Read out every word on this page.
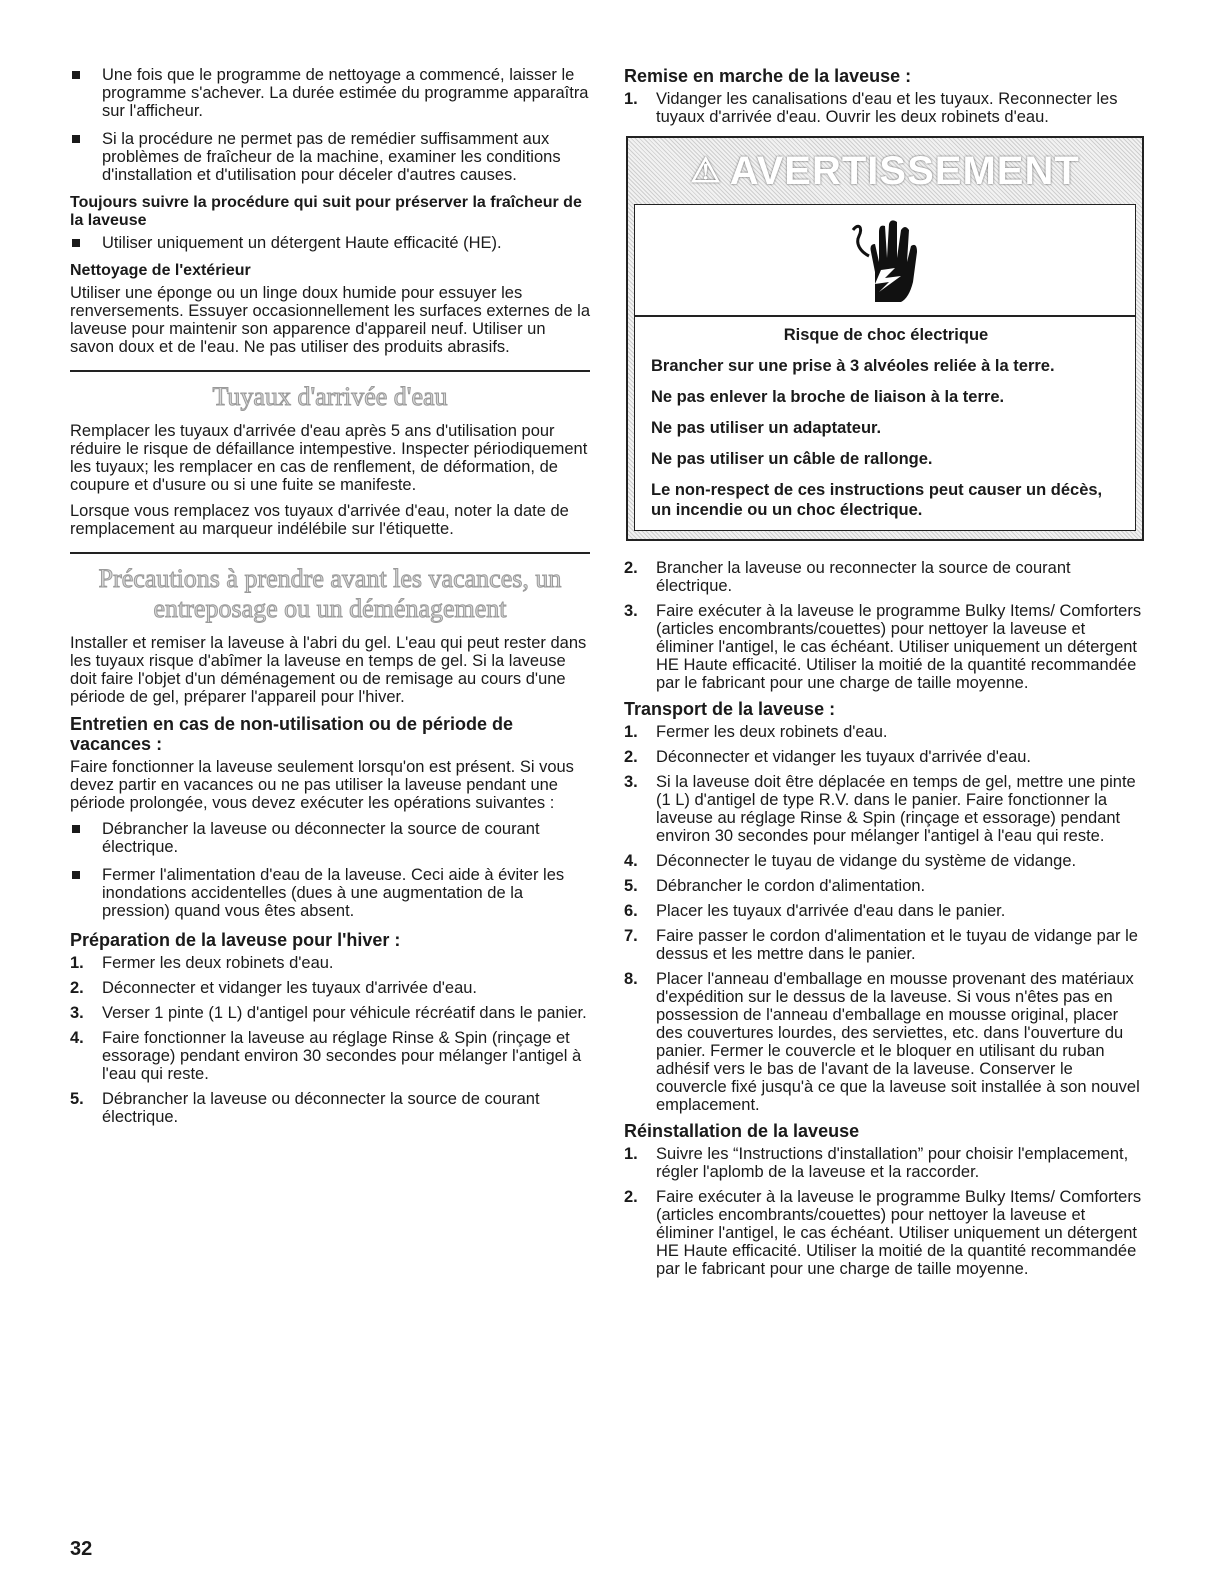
Une fois que le programme de nettoyage a commencé, laisser le programme s'achever. La durée estimée du programme apparaîtra sur l'afficheur.
Si la procédure ne permet pas de remédier suffisamment aux problèmes de fraîcheur de la machine, examiner les conditions d'installation et d'utilisation pour déceler d'autres causes.
Toujours suivre la procédure qui suit pour préserver la fraîcheur de la laveuse
Utiliser uniquement un détergent Haute efficacité (HE).
Nettoyage de l'extérieur

Utiliser une éponge ou un linge doux humide pour essuyer les renversements. Essuyer occasionnellement les surfaces externes de la laveuse pour maintenir son apparence d'appareil neuf. Utiliser un savon doux et de l'eau. Ne pas utiliser des produits abrasifs.

Tuyaux d'arrivée d'eau

Remplacer les tuyaux d'arrivée d'eau après 5 ans d'utilisation pour réduire le risque de défaillance intempestive. Inspecter périodiquement les tuyaux; les remplacer en cas de renflement, de déformation, de coupure et d'usure ou si une fuite se manifeste.

Lorsque vous remplacez vos tuyaux d'arrivée d'eau, noter la date de remplacement au marqueur indélébile sur l'étiquette.

Précautions à prendre avant les vacances, un entreposage ou un déménagement

Installer et remiser la laveuse à l'abri du gel. L'eau qui peut rester dans les tuyaux risque d'abîmer la laveuse en temps de gel. Si la laveuse doit faire l'objet d'un déménagement ou de remisage au cours d'une période de gel, préparer l'appareil pour l'hiver.

Entretien en cas de non-utilisation ou de période de vacances :

Faire fonctionner la laveuse seulement lorsqu'on est présent. Si vous devez partir en vacances ou ne pas utiliser la laveuse pendant une période prolongée, vous devez exécuter les opérations suivantes :

Débrancher la laveuse ou déconnecter la source de courant électrique.
Fermer l'alimentation d'eau de la laveuse. Ceci aide à éviter les inondations accidentelles (dues à une augmentation de la pression) quand vous êtes absent.
Préparation de la laveuse pour l'hiver :
1. Fermer les deux robinets d'eau.
2. Déconnecter et vidanger les tuyaux d'arrivée d'eau.
3. Verser 1 pinte (1 L) d'antigel pour véhicule récréatif dans le panier.
4. Faire fonctionner la laveuse au réglage Rinse & Spin (rinçage et essorage) pendant environ 30 secondes pour mélanger l'antigel à l'eau qui reste.
5. Débrancher la laveuse ou déconnecter la source de courant électrique.
Remise en marche de la laveuse :
1. Vidanger les canalisations d'eau et les tuyaux. Reconnecter les tuyaux d'arrivée d'eau. Ouvrir les deux robinets d'eau.
⚠ AVERTISSEMENT
Risque de choc électrique
Brancher sur une prise à 3 alvéoles reliée à la terre.
Ne pas enlever la broche de liaison à la terre.
Ne pas utiliser un adaptateur.
Ne pas utiliser un câble de rallonge.
Le non-respect de ces instructions peut causer un décès, un incendie ou un choc électrique.
2. Brancher la laveuse ou reconnecter la source de courant électrique.
3. Faire exécuter à la laveuse le programme Bulky Items/ Comforters (articles encombrants/couettes) pour nettoyer la laveuse et éliminer l'antigel, le cas échéant. Utiliser uniquement un détergent HE Haute efficacité. Utiliser la moitié de la quantité recommandée par le fabricant pour une charge de taille moyenne.
Transport de la laveuse :
1. Fermer les deux robinets d'eau.
2. Déconnecter et vidanger les tuyaux d'arrivée d'eau.
3. Si la laveuse doit être déplacée en temps de gel, mettre une pinte (1 L) d'antigel de type R.V. dans le panier. Faire fonctionner la laveuse au réglage Rinse & Spin (rinçage et essorage) pendant environ 30 secondes pour mélanger l'antigel à l'eau qui reste.
4. Déconnecter le tuyau de vidange du système de vidange.
5. Débrancher le cordon d'alimentation.
6. Placer les tuyaux d'arrivée d'eau dans le panier.
7. Faire passer le cordon d'alimentation et le tuyau de vidange par le dessus et les mettre dans le panier.
8. Placer l'anneau d'emballage en mousse provenant des matériaux d'expédition sur le dessus de la laveuse. Si vous n'êtes pas en possession de l'anneau d'emballage en mousse original, placer des couvertures lourdes, des serviettes, etc. dans l'ouverture du panier. Fermer le couvercle et le bloquer en utilisant du ruban adhésif vers le bas de l'avant de la laveuse. Conserver le couvercle fixé jusqu'à ce que la laveuse soit installée à son nouvel emplacement.
Réinstallation de la laveuse
1. Suivre les “Instructions d'installation” pour choisir l'emplacement, régler l'aplomb de la laveuse et la raccorder.
2. Faire exécuter à la laveuse le programme Bulky Items/ Comforters (articles encombrants/couettes) pour nettoyer la laveuse et éliminer l'antigel, le cas échéant. Utiliser uniquement un détergent HE Haute efficacité. Utiliser la moitié de la quantité recommandée par le fabricant pour une charge de taille moyenne.
32
